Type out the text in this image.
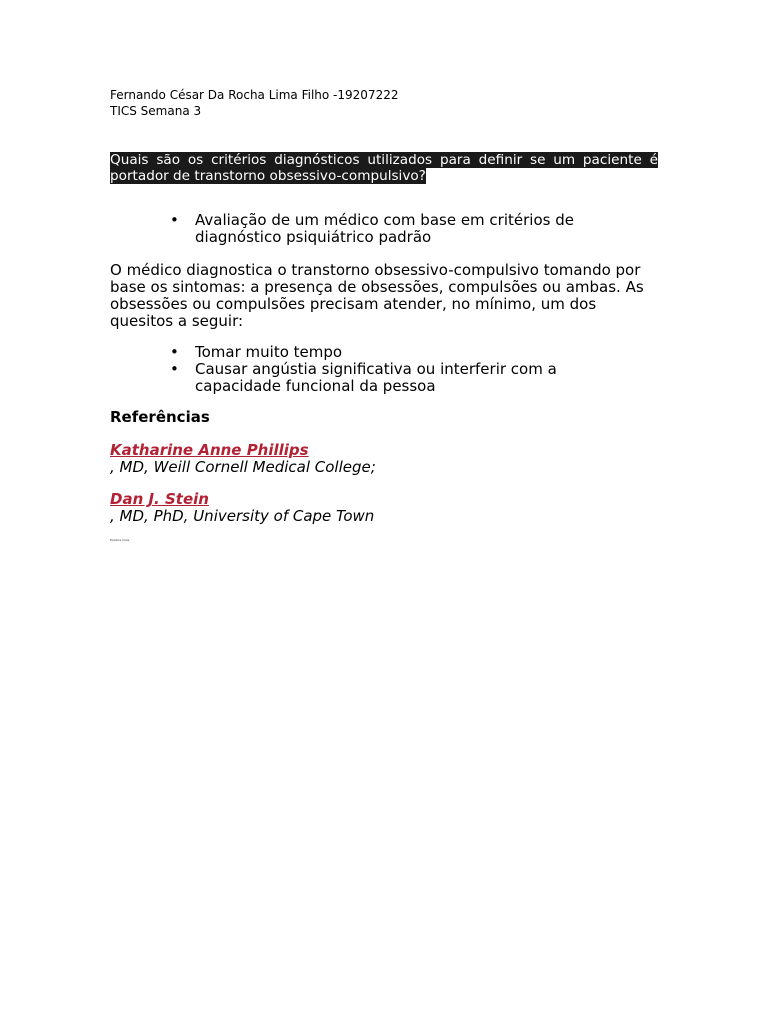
Fernando César Da Rocha Lima Filho -19207222
TICS Semana 3
Quais são os critérios diagnósticos utilizados para definir se um paciente é portador de transtorno obsessivo-compulsivo?
• Avaliação de um médico com base em critérios de diagnóstico psiquiátrico padrão
O médico diagnostica o transtorno obsessivo-compulsivo tomando por base os sintomas: a presença de obsessões, compulsões ou ambas. As obsessões ou compulsões precisam atender, no mínimo, um dos quesitos a seguir:
• Tomar muito tempo
• Causar angústia significativa ou interferir com a capacidade funcional da pessoa
Referências
Katharine Anne Phillips
, MD, Weill Cornell Medical College;
Dan J. Stein
, MD, PhD, University of Cape Town
Explore mais
